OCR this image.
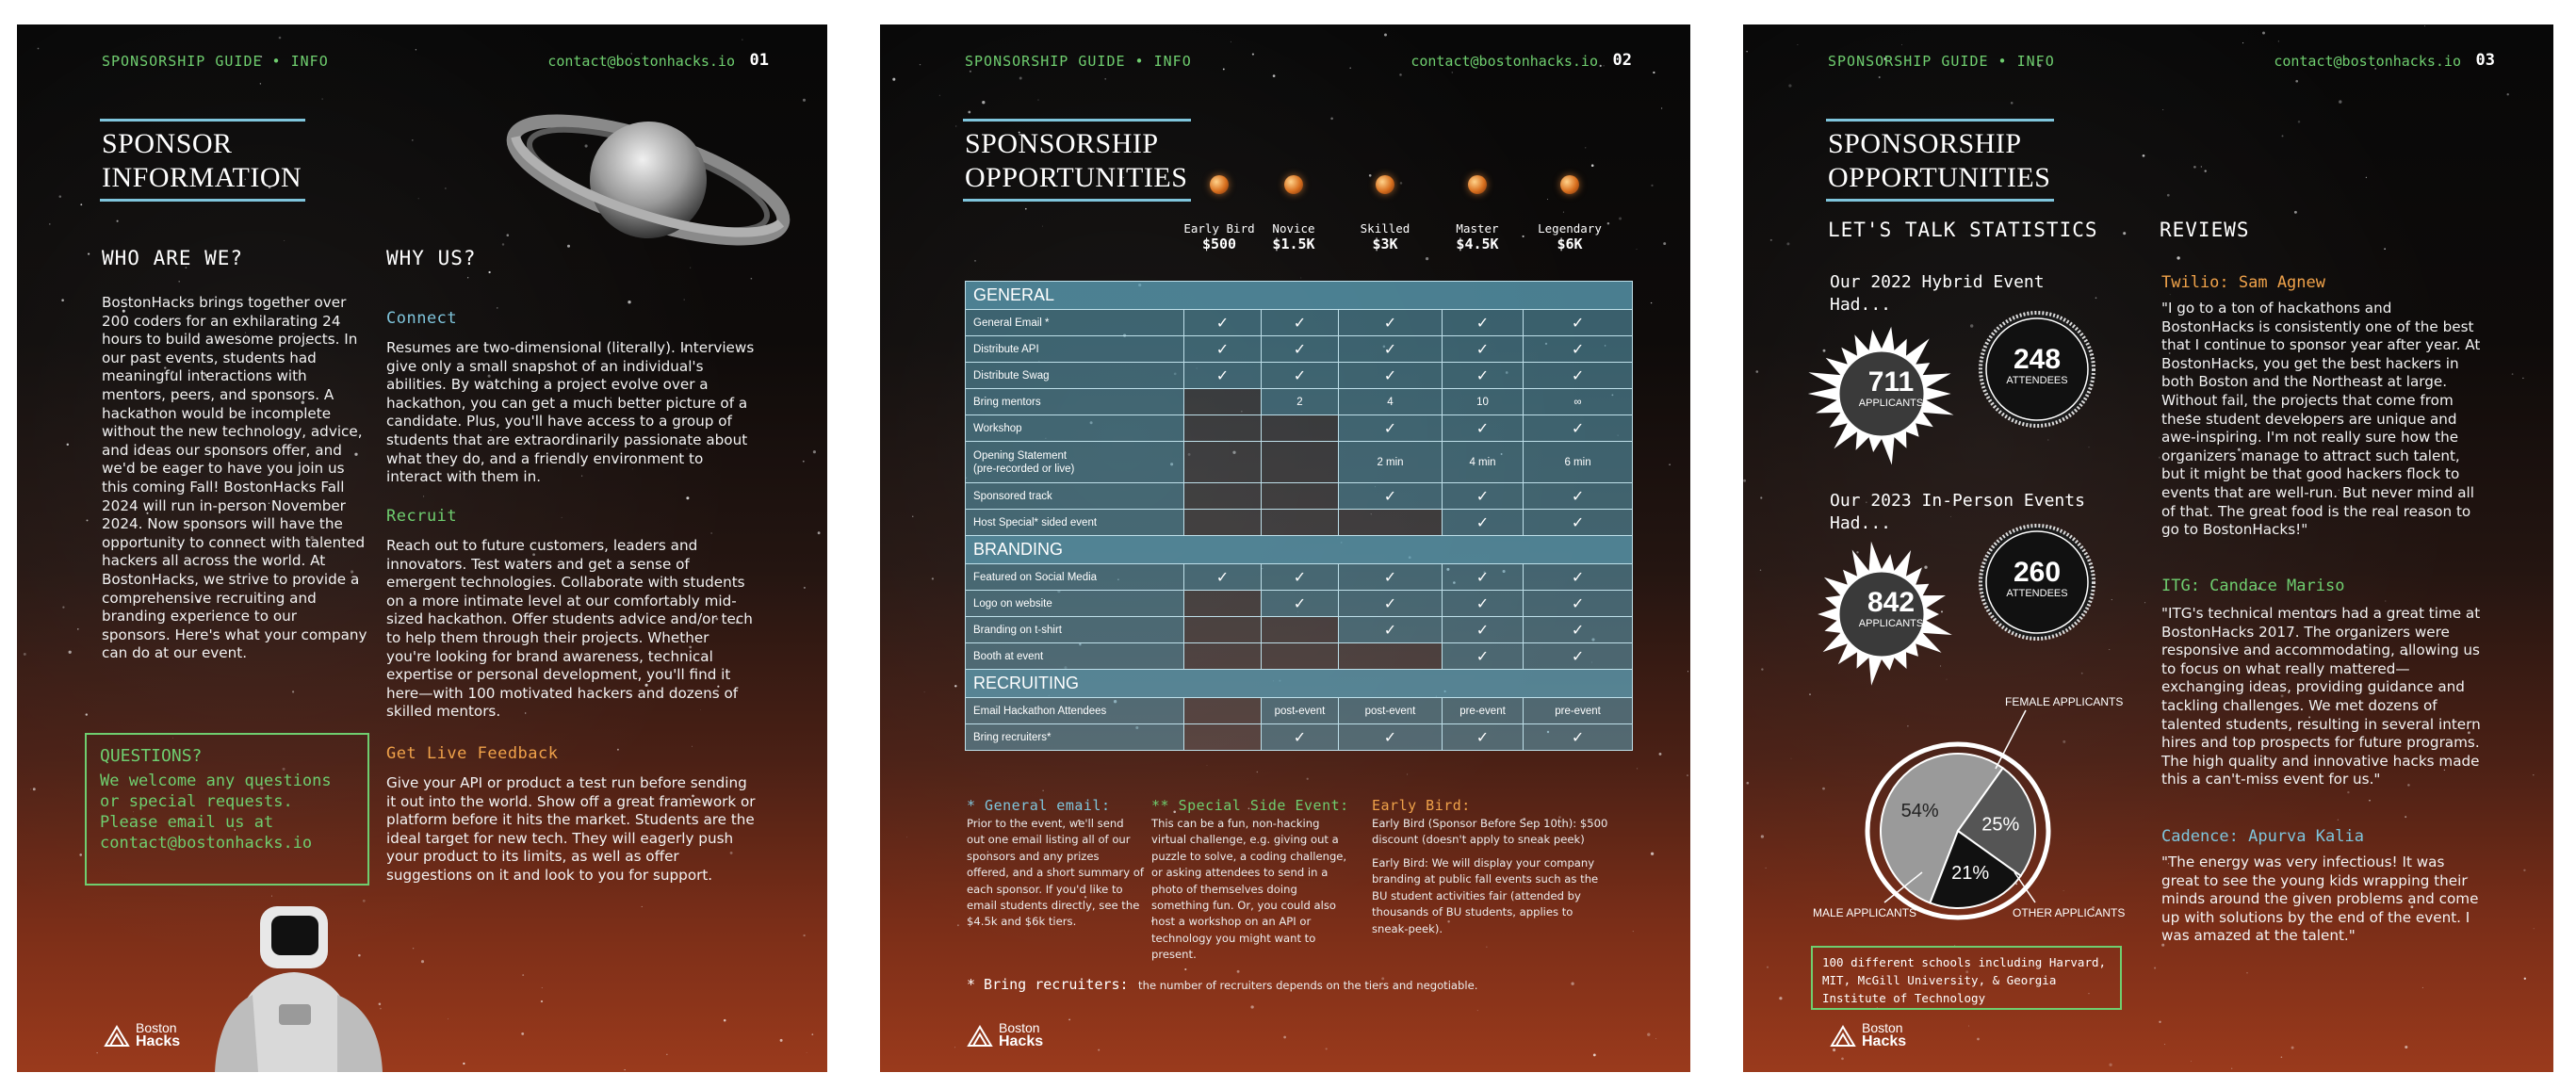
SPONSORSHIP GUIDE • INFO	contact@bostonhacks.io 01
SPONSOR
INFORMATION
WHO ARE WE?
BostonHacks brings together over 200 coders for an exhilarating 24 hours to build awesome projects. In our past events, students had meaningful interactions with mentors, peers, and sponsors. A hackathon would be incomplete without the new technology, advice, and ideas our sponsors offer, and we'd be eager to have you join us this coming Fall! BostonHacks Fall 2024 will run in-person November 2024. Now sponsors will have the opportunity to connect with talented hackers all across the world. At BostonHacks, we strive to provide a comprehensive recruiting and branding experience to our sponsors. Here's what your company can do at our event.
WHY US?
Connect
Resumes are two-dimensional (literally). Interviews give only a small snapshot of an individual's abilities. By watching a project evolve over a hackathon, you can get a much better picture of a candidate. Plus, you'll have access to a group of students that are extraordinarily passionate about what they do, and a friendly environment to interact with them in.
Recruit
Reach out to future customers, leaders and innovators. Test waters and get a sense of emergent technologies. Collaborate with students on a more intimate level at our comfortably mid-sized hackathon. Offer students advice and/or tech to help them through their projects. Whether you're looking for brand awareness, technical expertise or personal development, you'll find it here—with 100 motivated hackers and dozens of skilled mentors.
Get Live Feedback
Give your API or product a test run before sending it out into the world. Show off a great framework or platform before it hits the market. Students are the ideal target for new tech. They will eagerly push your product to its limits, as well as offer suggestions on it and look to you for support.
QUESTIONS?
We welcome any questions or special requests. Please email us at contact@bostonhacks.io
Boston
Hacks
SPONSORSHIP GUIDE • INFO	contact@bostonhacks.io 02
SPONSORSHIP
OPPORTUNITIES
Early Bird
$500
Novice
$1.5K
Skilled
$3K
Master
$4.5K
Legendary
$6K
GENERAL					
General Email *	✓	✓	✓	✓	✓
Distribute API	✓	✓	✓	✓	✓
Distribute Swag	✓	✓	✓	✓	✓
Bring mentors		2	4	10	∞
Workshop			✓	✓	✓
Opening Statement
(pre-recorded or live)			2 min	4 min	6 min
Sponsored track			✓	✓	✓
Host Special* sided event				✓	✓
BRANDING					
Featured on Social Media	✓	✓	✓	✓	✓
Logo on website		✓	✓	✓	✓
Branding on t-shirt			✓	✓	✓
Booth at event				✓	✓
RECRUITING					
Email Hackathon Attendees		post-event	post-event	pre-event	pre-event
Bring recruiters*		✓	✓	✓	✓
* General email:
Prior to the event, we'll send out one email listing all of our sponsors and any prizes offered, and a short summary of each sponsor. If you'd like to email students directly, see the $4.5k and $6k tiers.
** Special Side Event:
This can be a fun, non-hacking virtual challenge, e.g. giving out a puzzle to solve, a coding challenge, or asking attendees to send in a photo of themselves doing something fun. Or, you could also host a workshop on an API or technology you might want to present.
Early Bird:
Early Bird (Sponsor Before Sep 10th): $500 discount (doesn't apply to sneak peek)
Early Bird: We will display your company branding at public fall events such as the BU student activities fair (attended by thousands of BU students, applies to sneak-peek).
* Bring recruiters: the number of recruiters depends on the tiers and negotiable.
Boston
Hacks
SPONSORSHIP GUIDE • INFO	contact@bostonhacks.io 03
SPONSORSHIP
OPPORTUNITIES
LET'S TALK STATISTICS
Our 2022 Hybrid Event Had...
711
APPLICANTS
248
ATTENDEES
Our 2023 In-Person Events Had...
842
APPLICANTS
260
ATTENDEES
54%
25%
21%
FEMALE APPLICANTS
MALE APPLICANTS	OTHER APPLICANTS
100 different schools including Harvard, MIT, McGill University, & Georgia Institute of Technology
REVIEWS
Twilio: Sam Agnew
"I go to a ton of hackathons and BostonHacks is consistently one of the best that I continue to sponsor year after year. At BostonHacks, you get the best hackers in both Boston and the Northeast at large. Without fail, the projects that come from these student developers are unique and awe-inspiring. I'm not really sure how the organizers manage to attract such talent, but it might be that good hackers flock to events that are well-run. But never mind all of that. The great food is the real reason to go to BostonHacks!"
ITG: Candace Mariso
"ITG's technical mentors had a great time at BostonHacks 2017. The organizers were responsive and accommodating, allowing us to focus on what really mattered—exchanging ideas, providing guidance and tackling challenges. We met dozens of talented students, resulting in several intern hires and top prospects for future programs. The high quality and innovative hacks made this a can't-miss event for us."
Cadence: Apurva Kalia
"The energy was very infectious! It was great to see the young kids wrapping their minds around the given problems and come up with solutions by the end of the event. I was amazed at the talent."
Boston
Hacks
